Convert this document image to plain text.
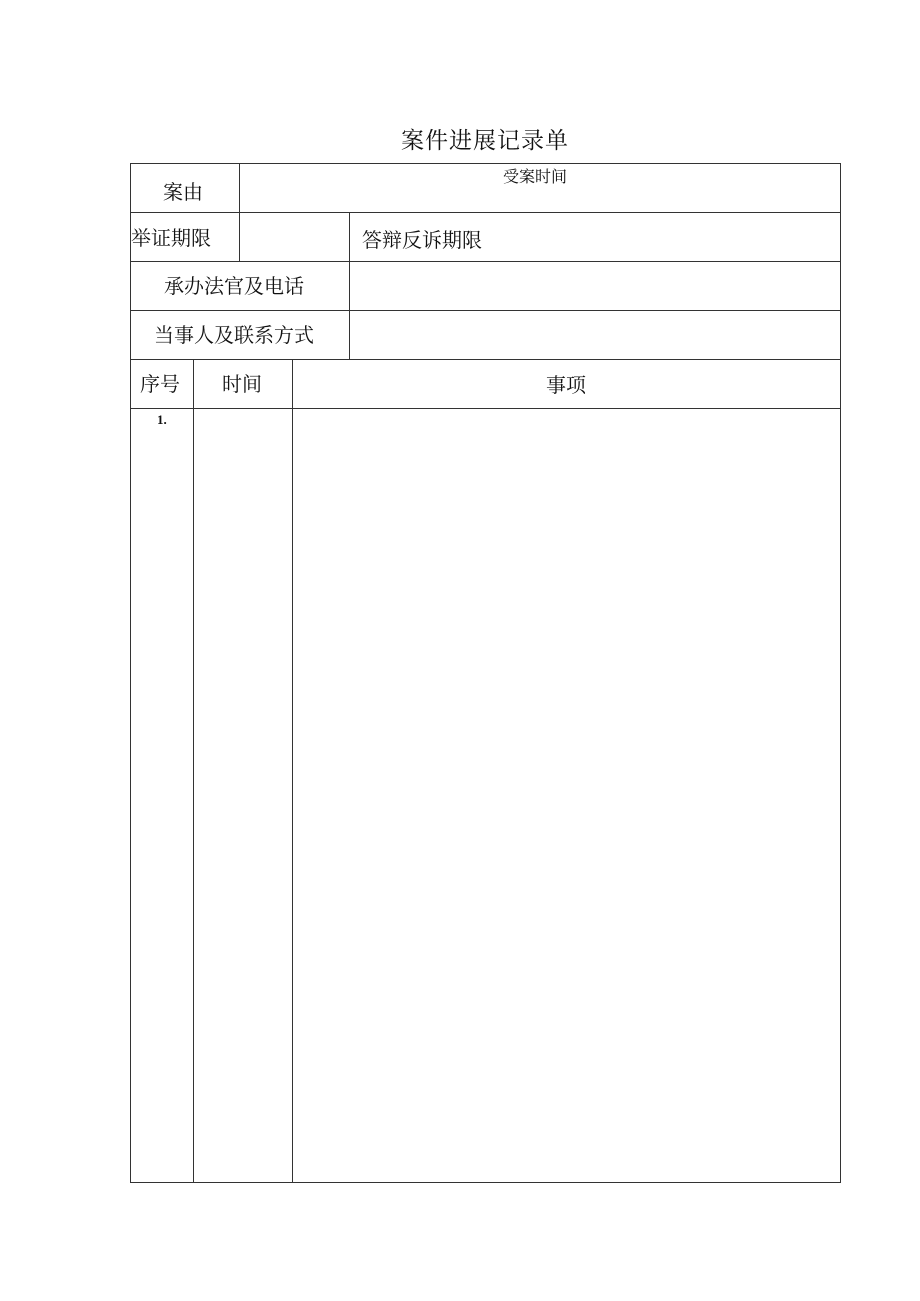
案件进展记录单
案由
受案时间
举证期限	答辩反诉期限
承办法官及电话
当事人及联系方式
序号 时间	事项
1.
